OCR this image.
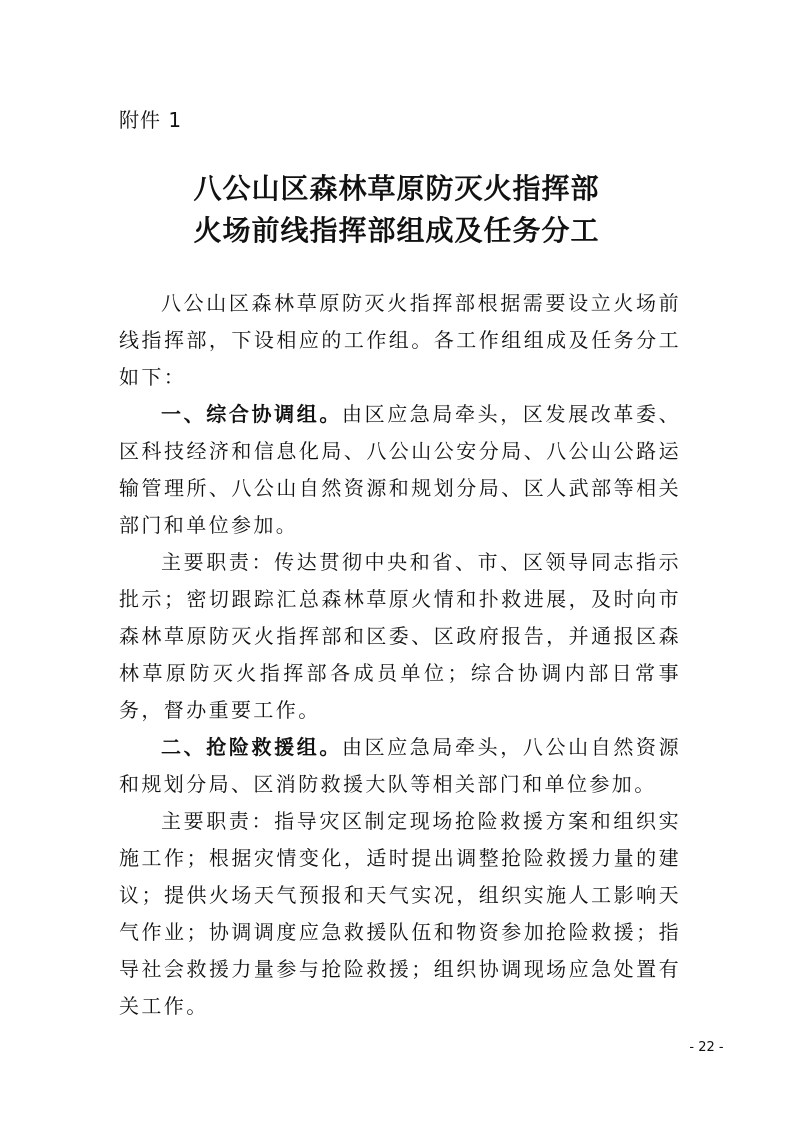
附件 1
八公山区森林草原防灭火指挥部
火场前线指挥部组成及任务分工

八公山区森林草原防灭火指挥部根据需要设立火场前线指挥部，下设相应的工作组。各工作组组成及任务分工如下：

一、综合协调组。由区应急局牵头，区发展改革委、区科技经济和信息化局、八公山公安分局、八公山公路运输管理所、八公山自然资源和规划分局、区人武部等相关部门和单位参加。

主要职责：传达贯彻中央和省、市、区领导同志指示批示；密切跟踪汇总森林草原火情和扑救进展，及时向市森林草原防灭火指挥部和区委、区政府报告，并通报区森林草原防灭火指挥部各成员单位；综合协调内部日常事务，督办重要工作。

二、抢险救援组。由区应急局牵头，八公山自然资源和规划分局、区消防救援大队等相关部门和单位参加。

主要职责：指导灾区制定现场抢险救援方案和组织实施工作；根据灾情变化，适时提出调整抢险救援力量的建议；提供火场天气预报和天气实况，组织实施人工影响天气作业；协调调度应急救援队伍和物资参加抢险救援；指导社会救援力量参与抢险救援；组织协调现场应急处置有关工作。

- 22 -
